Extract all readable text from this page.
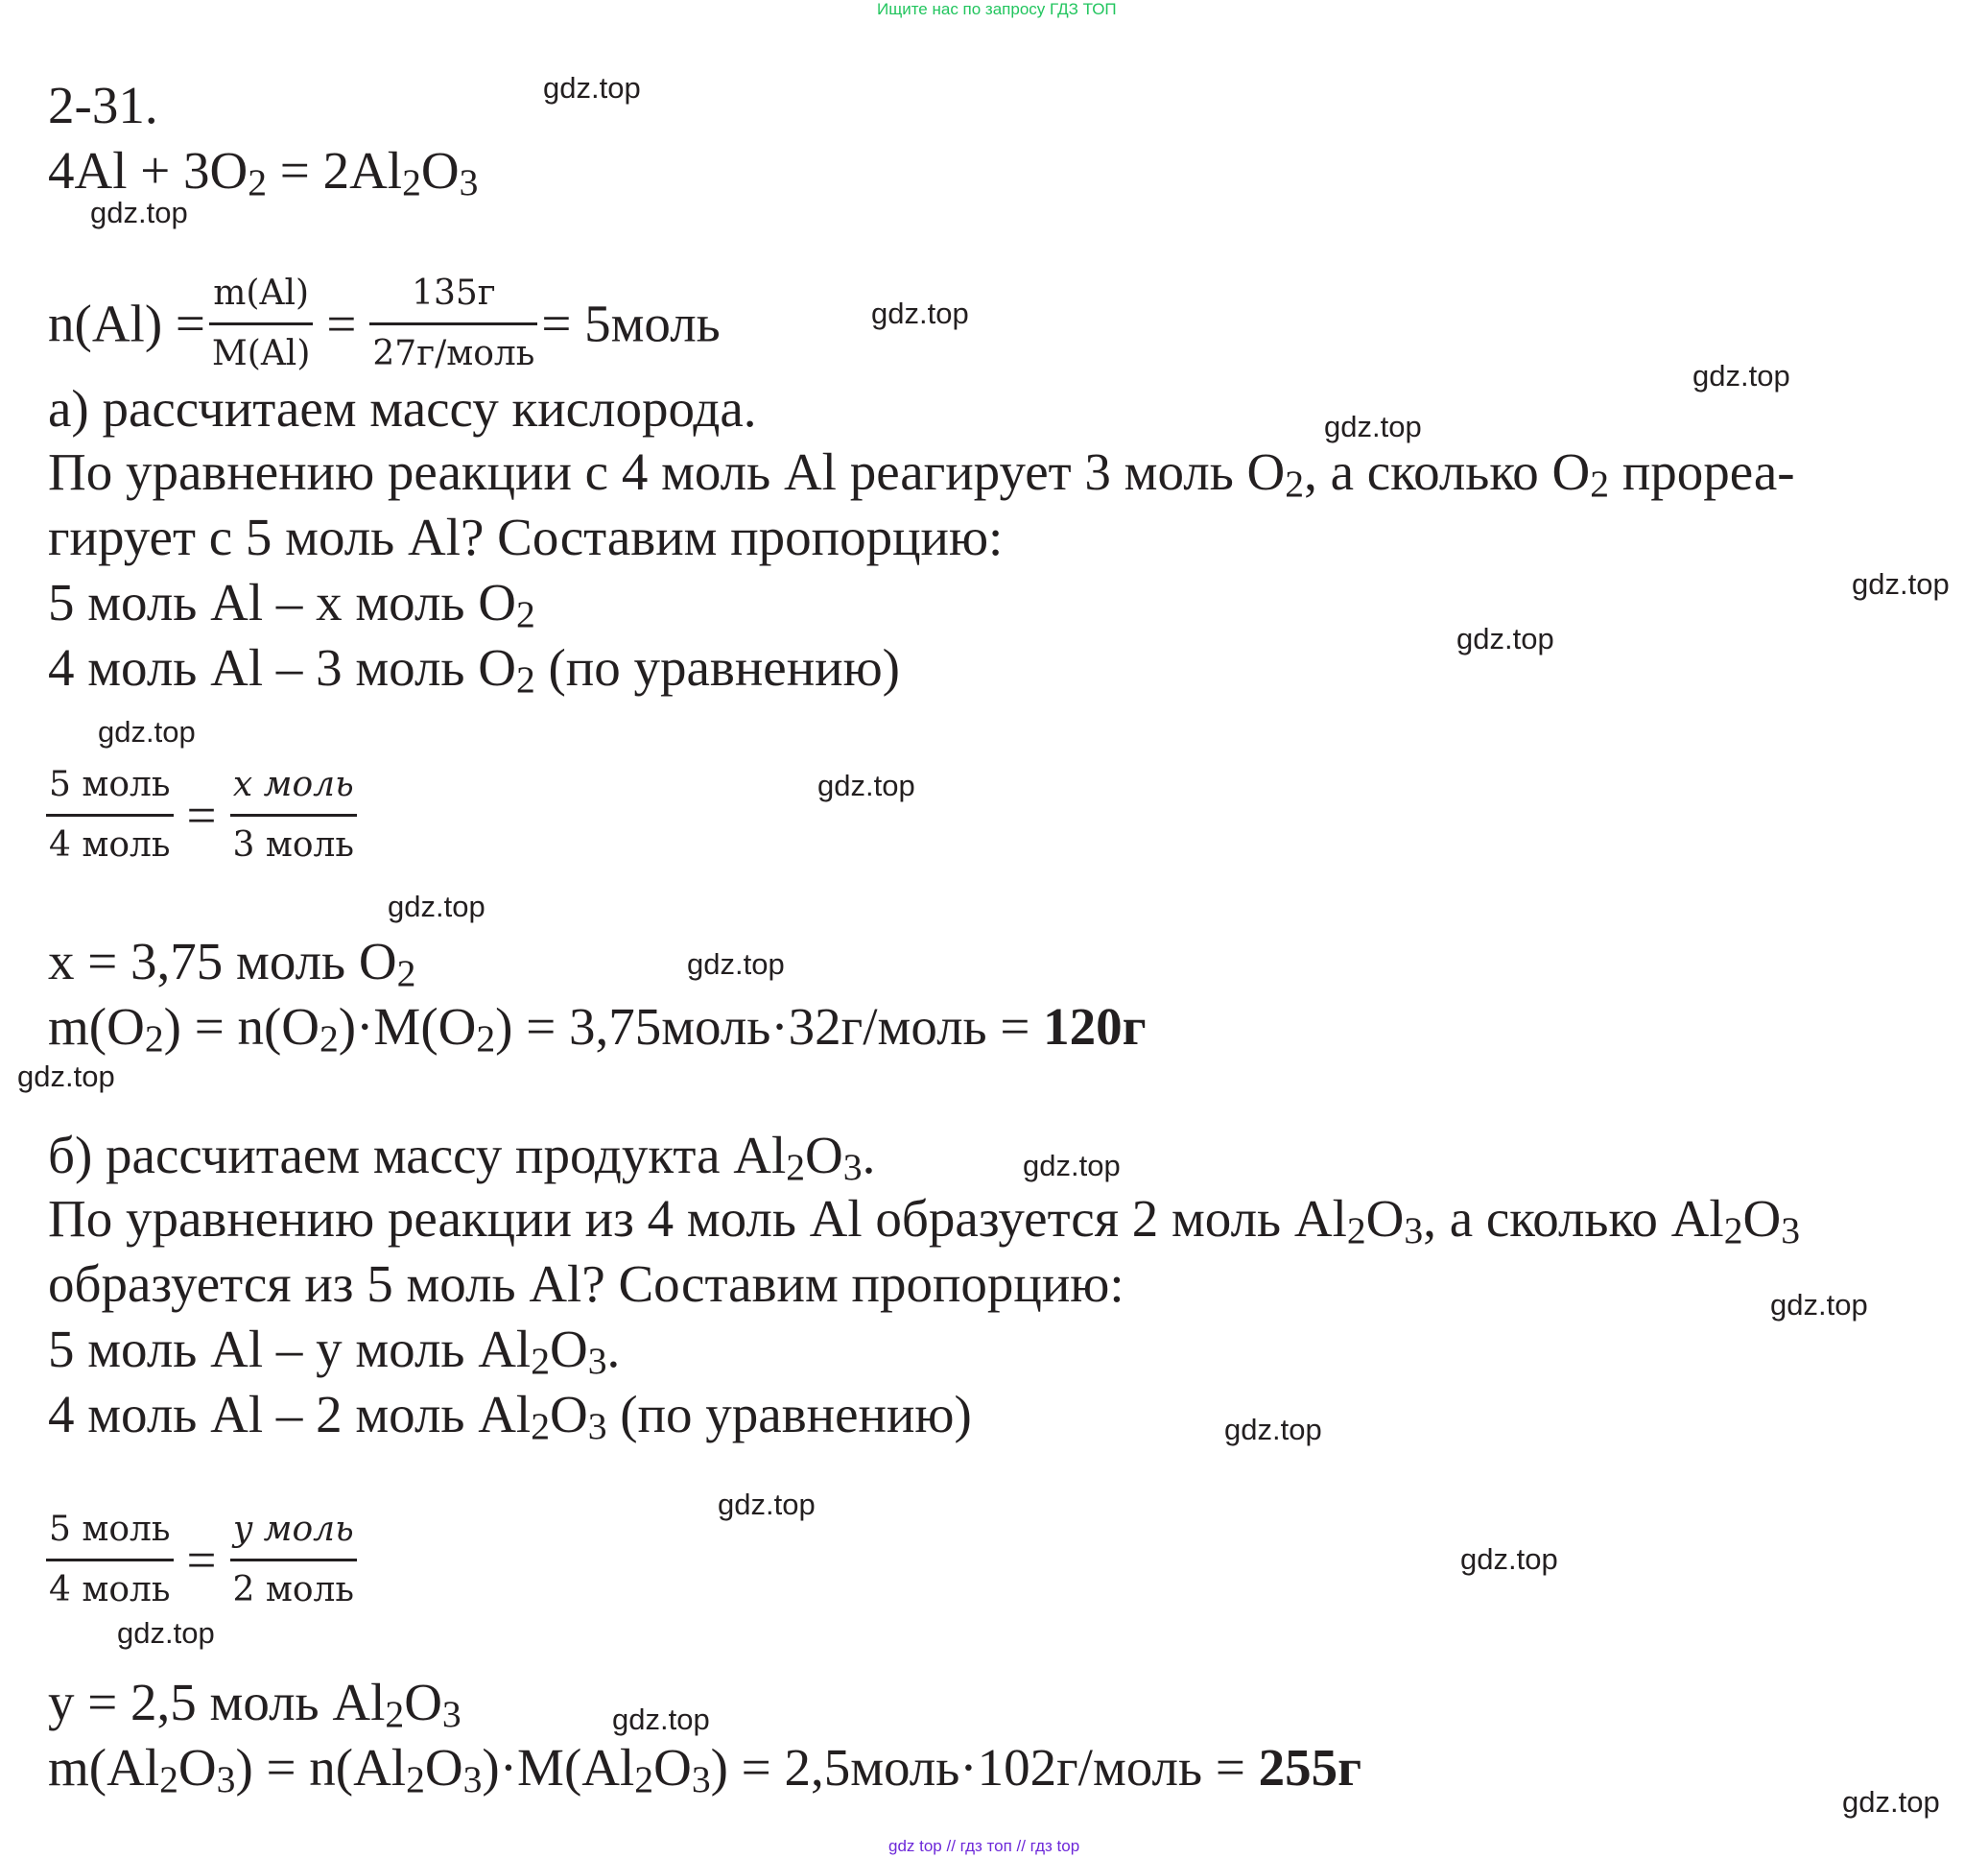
Ищите нас по запросу ГДЗ ТОП
gdz.top
gdz.top
gdz.top
gdz.top
gdz.top
gdz.top
gdz.top
gdz.top
gdz.top
gdz.top
gdz.top
gdz.top
gdz.top
gdz.top
gdz.top
gdz.top
gdz.top
gdz.top
gdz.top
gdz.top
2-31.
4Al + 3O2 = 2Al2O3
$n(Al) = \frac{m(Al)}{M(Al)} = \frac{135г}{\text{27г/моль}}$ = 5моль
а) рассчитаем массу кислорода.
По уравнению реакции с 4 моль Al реагирует 3 моль O2, а сколько O2 прореа-
гирует с 5 моль Al? Составим пропорцию:
5 моль Al – x моль O2
4 моль Al – 3 моль O2 (по уравнению)
$\frac{\text{5 моль}}{\text{4 моль}} = \frac{\text{x моль}}{\text{3 моль}}$
x = 3,75 моль O2
m(O2) = n(O2)·M(O2) = 3,75моль·32г/моль = 120г
б) рассчитаем массу продукта Al2O3.
По уравнению реакции из 4 моль Al образуется 2 моль Al2O3, а сколько Al2O3
образуется из 5 моль Al? Составим пропорцию:
5 моль Al – y моль Al2O3.
4 моль Al – 2 моль Al2O3 (по уравнению)
$\frac{\text{5 моль}}{\text{4 моль}} = \frac{\text{y моль}}{\text{2 моль}}$
y = 2,5 моль Al2O3
m(Al2O3) = n(Al2O3)·M(Al2O3) = 2,5моль·102г/моль = 255г
gdz top // гдз топ // гдз top
